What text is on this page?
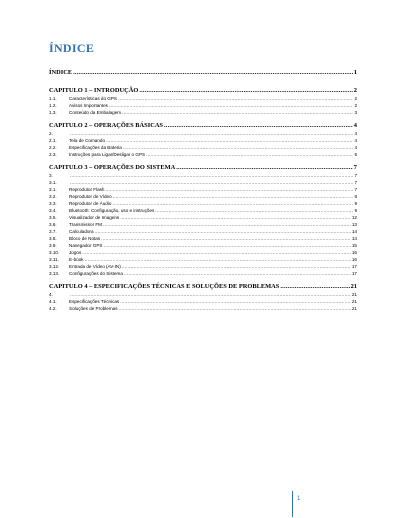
ÍNDICE
ÍNDICE .....	1
CAPITULO 1 – INTRODUÇÃO .....	2
1.1.	Características do GPS .....	2
1.2.	Avisos Importantes .....	2
1.3.	Conteúdo da Embalagem .....	3
CAPITULO 2 – OPERAÇÕES BÁSICAS .....	4
2. .....	4
2.1.	Tela de Comando .....	4
2.2.	Especificações da Bateria .....	4
2.3.	Instruções para Ligar/Desligar o GPS .....	5
CAPITULO 3 – OPERAÇÕES DO SISTEMA .....	7
3. .....	7
3.1. .....	7
3.1.	Reprodutor Flash .....	7
3.2.	Reprodutor de Vídeo .....	8
3.3.	Reprodutor de Áudio .....	9
3.4.	Bluetooth: Configuração, uso e instruções .....	9
3.5.	Visualizador de Imagens .....	12
3.6.	Transmissor FM .....	13
3.7.	Calculadora .....	14
3.8.	Bloco de Notas .....	14
3.9.	Navegador GPS .....	15
3.10.	Jogos .....	16
3.11.	E-book .....	16
3.12.	Entrada de Vídeo (AV-IN) .....	17
3.13.	Configurações do Sistema .....	17
CAPITULO 4 – ESPECIFICAÇÕES TÉCNICAS E SOLUÇÕES DE PROBLEMAS .....	21
4. .....	21
4.1.	Especificações Técnicas .....	21
4.2.	Soluções de Problemas .....	21
1
